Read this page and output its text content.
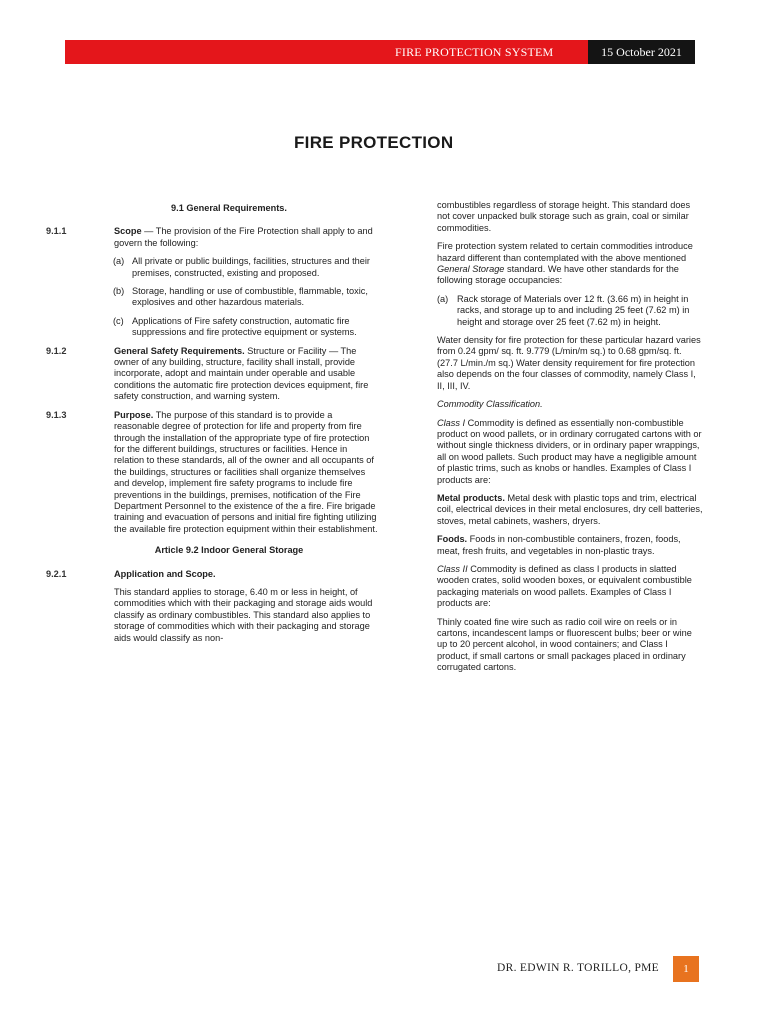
FIRE PROTECTION SYSTEM	15 October 2021
FIRE PROTECTION

9.1 General Requirements.

9.1.1	Scope — The provision of the Fire Protection shall apply to and govern the following:

(a) All private or public buildings, facilities, structures and their premises, constructed, existing and proposed.
(b) Storage, handling or use of combustible, flammable, toxic, explosives and other hazardous materials.
(c) Applications of Fire safety construction, automatic fire suppressions and fire protective equipment or systems.

9.1.2	General Safety Requirements. Structure or Facility — The owner of any building, structure, facility shall install, provide incorporate, adopt and maintain under operable and usable conditions the automatic fire protection devices equipment, fire safety construction, and warning system.

9.1.3	Purpose. The purpose of this standard is to provide a reasonable degree of protection for life and property from fire through the installation of the appropriate type of fire protection for the different buildings, structures or facilities. Hence in relation to these standards, all of the owner and all occupants of the buildings, structures or facilities shall organize themselves and develop, implement fire safety programs to include fire preventions in the buildings, premises, notification of the Fire Department Personnel to the existence of the a fire. Fire brigade training and evacuation of persons and initial fire fighting utilizing the available fire protection equipment within their establishment.

Article 9.2 Indoor General Storage

9.2.1	Application and Scope.

This standard applies to storage, 6.40 m or less in height, of commodities which with their packaging and storage aids would classify as ordinary combustibles. This standard also applies to storage of commodities which with their packaging and storage aids would classify as non-

combustibles regardless of storage height. This standard does not cover unpacked bulk storage such as grain, coal or similar commodities.

Fire protection system related to certain commodities introduce hazard different than contemplated with the above mentioned General Storage standard. We have other standards for the following storage occupancies:

(a) Rack storage of Materials over 12 ft. (3.66 m) in height in racks, and storage up to and including 25 feet (7.62 m) in height and storage over 25 feet (7.62 m) in height.

Water density for fire protection for these particular hazard varies from 0.24 gpm/ sq. ft. 9.779 (L/min/m sq.) to 0.68 gpm/sq. ft. (27.7 L/min./m sq.) Water density requirement for fire protection also depends on the four classes of commodity, namely Class I, II, III, IV.

Commodity Classification.

Class I Commodity is defined as essentially non-combustible product on wood pallets, or in ordinary corrugated cartons with or without single thickness dividers, or in ordinary paper wrappings, all on wood pallets. Such product may have a negligible amount of plastic trims, such as knobs or handles. Examples of Class I products are:

Metal products. Metal desk with plastic tops and trim, electrical coil, electrical devices in their metal enclosures, dry cell batteries, stoves, metal cabinets, washers, dryers.

Foods. Foods in non-combustible containers, frozen, foods, meat, fresh fruits, and vegetables in non-plastic trays.

Class II Commodity is defined as class I products in slatted wooden crates, solid wooden boxes, or equivalent combustible packaging materials on wood pallets. Examples of Class I products are:

Thinly coated fine wire such as radio coil wire on reels or in cartons, incandescent lamps or fluorescent bulbs; beer or wine up to 20 percent alcohol, in wood containers; and Class I product, if small cartons or small packages placed in ordinary corrugated cartons.

DR. EDWIN R. TORILLO, PME	1
